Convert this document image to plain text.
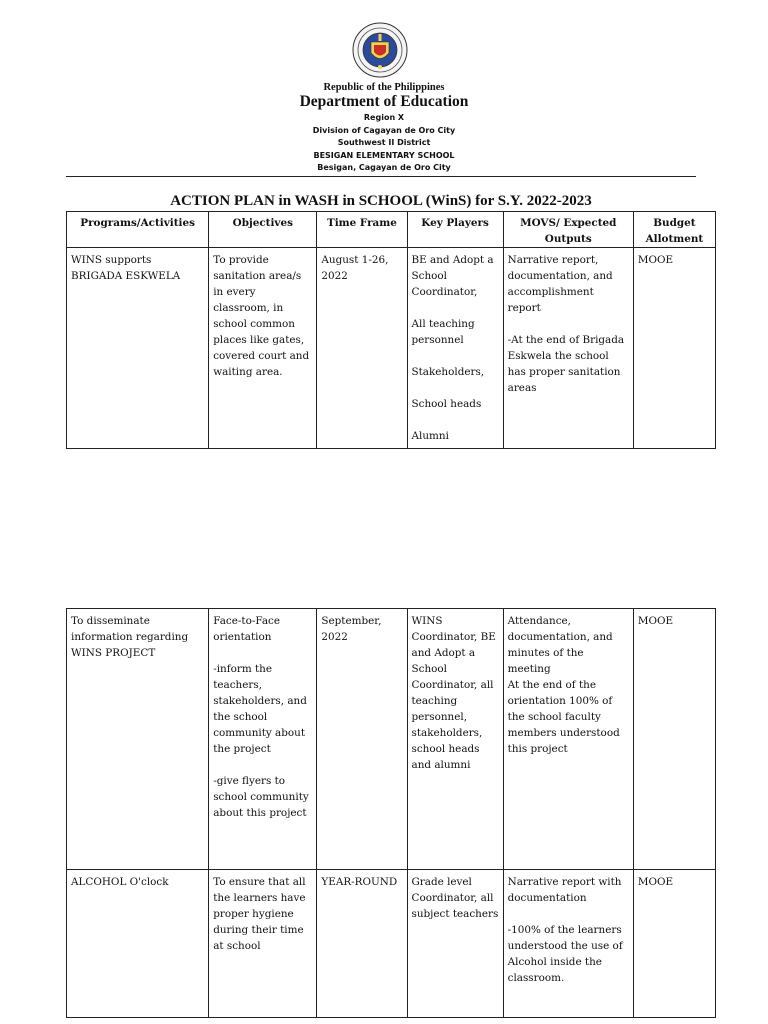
Republic of the Philippines
Department of Education
Region X
Division of Cagayan de Oro City
Southwest II District
BESIGAN ELEMENTARY SCHOOL
Besigan, Cagayan de Oro City
ACTION PLAN in WASH in SCHOOL (WinS) for S.Y. 2022-2023
Programs/Activities	Objectives	Time Frame	Key Players	MOVS/ Expected Outputs	Budget Allotment
WINS supports BRIGADA ESKWELA	To provide sanitation area/s in every classroom, in school common places like gates, covered court and waiting area.	August 1-26, 2022	BE and Adopt a School Coordinator,
All teaching personnel
Stakeholders,
School heads
Alumni	Narrative report, documentation, and accomplishment report
-At the end of Brigada Eskwela the school has proper sanitation areas	MOOE
To disseminate information regarding WINS PROJECT	Face-to-Face orientation
-inform the teachers, stakeholders, and the school community about the project
-give flyers to school community about this project	September, 2022	WINS Coordinator, BE and Adopt a School Coordinator, all teaching personnel, stakeholders, school heads and alumni	Attendance, documentation, and minutes of the meeting
At the end of the orientation 100% of the school faculty members understood this project	MOOE
ALCOHOL O'clock	To ensure that all the learners have proper hygiene during their time at school	YEAR-ROUND	Grade level Coordinator, all subject teachers	Narrative report with documentation
-100% of the learners understood the use of Alcohol inside the classroom.	MOOE
